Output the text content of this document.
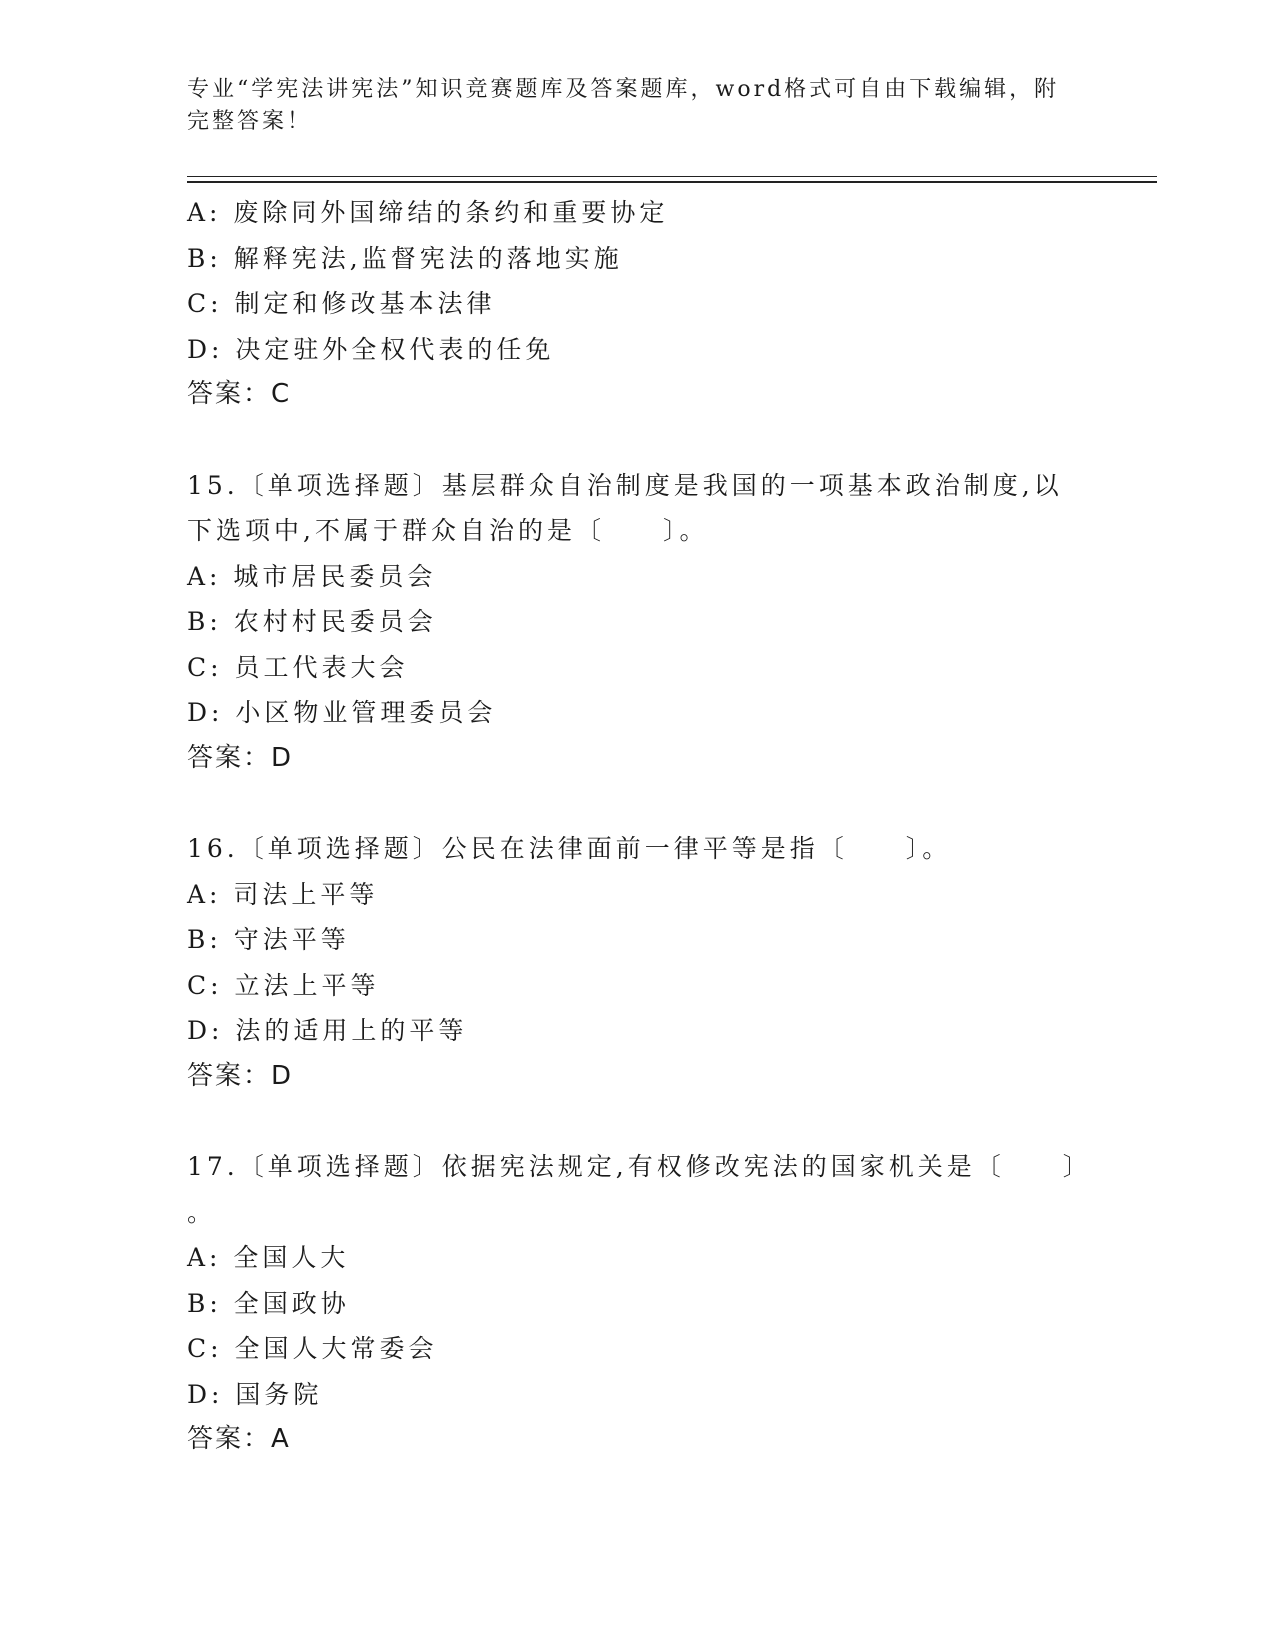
专业“学宪法讲宪法”知识竞赛题库及答案题库，word格式可自由下载编辑，附
完整答案！
A: 废除同外国缔结的条约和重要协定
B: 解释宪法,监督宪法的落地实施
C: 制定和修改基本法律
D: 决定驻外全权代表的任免
答案：C
15.〔单项选择题〕基层群众自治制度是我国的一项基本政治制度,以
下选项中,不属于群众自治的是〔　　〕。
A: 城市居民委员会
B: 农村村民委员会
C: 员工代表大会
D: 小区物业管理委员会
答案：D
16.〔单项选择题〕公民在法律面前一律平等是指〔　　〕。
A: 司法上平等
B: 守法平等
C: 立法上平等
D: 法的适用上的平等
答案：D
17.〔单项选择题〕依据宪法规定,有权修改宪法的国家机关是〔　　〕
。
A: 全国人大
B: 全国政协
C: 全国人大常委会
D: 国务院
答案：A
